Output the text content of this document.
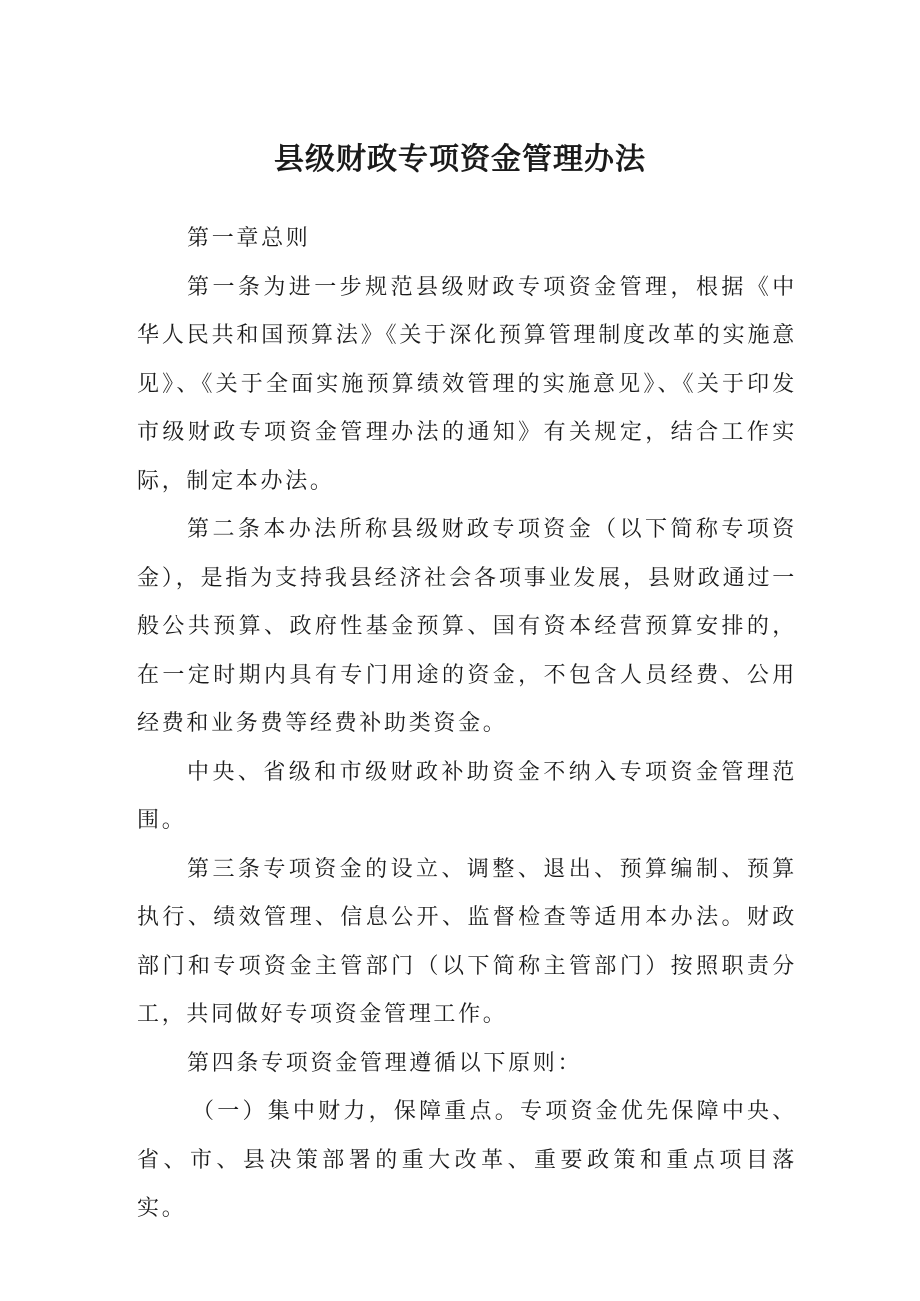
县级财政专项资金管理办法

第一章总则

第一条为进一步规范县级财政专项资金管理，根据《中华人民共和国预算法》《关于深化预算管理制度改革的实施意见》、《关于全面实施预算绩效管理的实施意见》、《关于印发市级财政专项资金管理办法的通知》有关规定，结合工作实际，制定本办法。

第二条本办法所称县级财政专项资金（以下简称专项资金），是指为支持我县经济社会各项事业发展，县财政通过一般公共预算、政府性基金预算、国有资本经营预算安排的，在一定时期内具有专门用途的资金，不包含人员经费、公用经费和业务费等经费补助类资金。

中央、省级和市级财政补助资金不纳入专项资金管理范围。

第三条专项资金的设立、调整、退出、预算编制、预算执行、绩效管理、信息公开、监督检查等适用本办法。财政部门和专项资金主管部门（以下简称主管部门）按照职责分工，共同做好专项资金管理工作。

第四条专项资金管理遵循以下原则：

（一）集中财力，保障重点。专项资金优先保障中央、省、市、县决策部署的重大改革、重要政策和重点项目落实。
